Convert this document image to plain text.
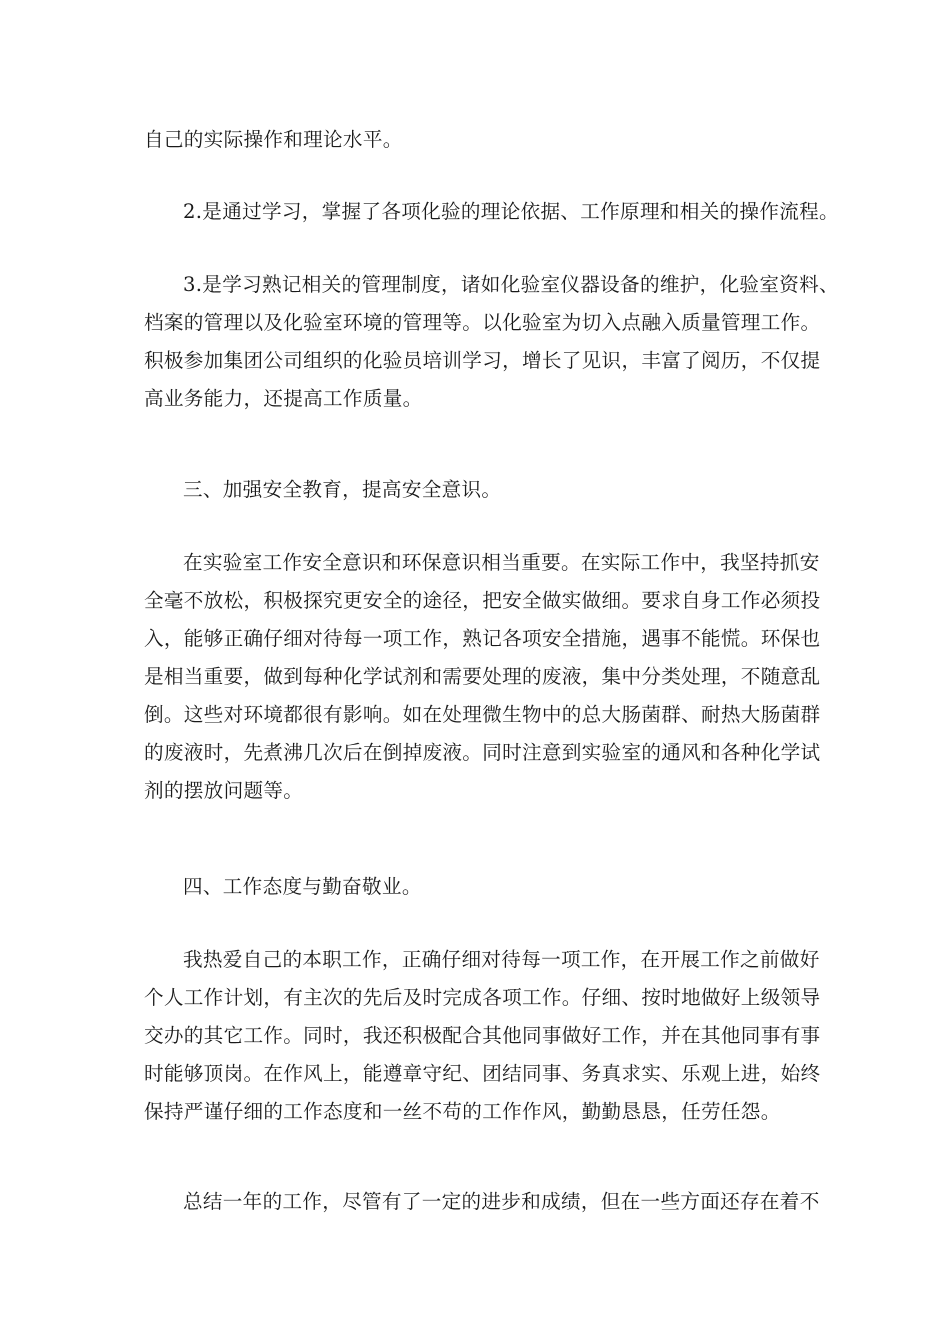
自己的实际操作和理论水平。

2.是通过学习，掌握了各项化验的理论依据、工作原理和相关的操作流程。

3.是学习熟记相关的管理制度，诸如化验室仪器设备的维护，化验室资料、
档案的管理以及化验室环境的管理等。以化验室为切入点融入质量管理工作。
积极参加集团公司组织的化验员培训学习，增长了见识，丰富了阅历，不仅提
高业务能力，还提高工作质量。

三、加强安全教育，提高安全意识。

在实验室工作安全意识和环保意识相当重要。在实际工作中，我坚持抓安
全毫不放松，积极探究更安全的途径，把安全做实做细。要求自身工作必须投
入，能够正确仔细对待每一项工作，熟记各项安全措施，遇事不能慌。环保也
是相当重要，做到每种化学试剂和需要处理的废液，集中分类处理，不随意乱
倒。这些对环境都很有影响。如在处理微生物中的总大肠菌群、耐热大肠菌群
的废液时，先煮沸几次后在倒掉废液。同时注意到实验室的通风和各种化学试
剂的摆放问题等。

四、工作态度与勤奋敬业。

我热爱自己的本职工作，正确仔细对待每一项工作，在开展工作之前做好
个人工作计划，有主次的先后及时完成各项工作。仔细、按时地做好上级领导
交办的其它工作。同时，我还积极配合其他同事做好工作，并在其他同事有事
时能够顶岗。在作风上，能遵章守纪、团结同事、务真求实、乐观上进，始终
保持严谨仔细的工作态度和一丝不苟的工作作风，勤勤恳恳，任劳任怨。

总结一年的工作，尽管有了一定的进步和成绩，但在一些方面还存在着不
